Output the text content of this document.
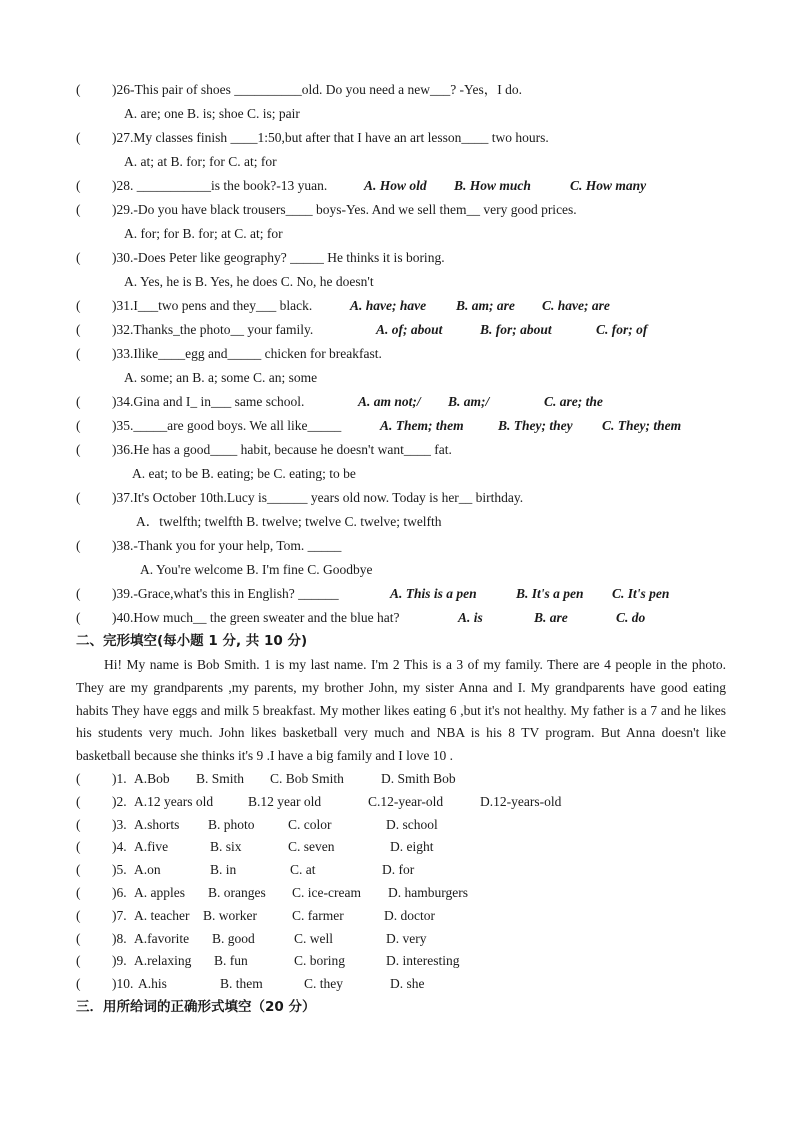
( )26-This pair of shoes __________old. Do you need a new___? -Yes，I do.
A. are; one B. is; shoe C. is; pair
( )27.My classes finish ____1:50,but after that I have an art lesson____ two hours.
A. at; at B. for; for C. at; for
( )28. ___________is the book?-13 yuan.	A. How old B. How much	C. How many
( )29.-Do you have black trousers____ boys-Yes. And we sell them__ very good prices.
A. for; for B. for; at C. at; for
( )30.-Does Peter like geography? _____ He thinks it is boring.
A. Yes, he is B. Yes, he does C. No, he doesn't
( )31.I___two pens and they___ black.	A. have; have B. am; are C. have; are
( )32.Thanks_the photo__ your family.	A. of; about	B. for; about	C. for; of
( )33.Ilike____egg and_____ chicken for breakfast.
A. some; an B. a; some C. an; some
( )34.Gina and I_ in___ same school.	A. am not;/ B. am;/	C. are; the
( )35._____are good boys. We all like_____	A. Them; them	B. They; they C. They; them
( )36.He has a good____ habit, because he doesn't want____ fat.
A. eat; to be B. eating; be C. eating; to be
( )37.It's October 10th.Lucy is______ years old now. Today is her__ birthday.
A．twelfth; twelfth B. twelve; twelve C. twelve; twelfth
( )38.-Thank you for your help, Tom. _____
A. You're welcome B. I'm fine C. Goodbye
( )39.-Grace,what's this in English? ______	A. This is a pen	B. It's a pen C. It's pen
( )40.How much__ the green sweater and the blue hat?	A. is	B. are	C. do
二、完形填空(每小题 1 分, 共 10 分)
Hi! My name is Bob Smith. 1 is my last name. I'm 2 This is a 3 of my family. There are 4 people in the photo. They are my grandparents ,my parents, my brother John, my sister Anna and I. My grandparents have good eating habits They have eggs and milk 5 breakfast. My mother likes eating 6 ,but it's not healthy. My father is a 7 and he likes his students very much. John likes basketball very much and NBA is his 8 TV program. But Anna doesn't like basketball because she thinks it's 9 .I have a big family and I love 10 .
( )1. A.Bob B. Smith C. Bob Smith	D. Smith Bob
( )2. A.12 years old	B.12 year old	C.12-year-old	D.12-years-old
( )3. A.shorts B. photo C. color	D. school
( )4. A.five	B. six	C. seven	D. eight
( )5. A.on	B. in	C. at	D. for
( )6. A. apples B. oranges C. ice-cream D. hamburgers
( )7. A. teacher B. worker	C. farmer	D. doctor
( )8. A.favorite B. good	C. well	D. very
( )9. A.relaxing B. fun	C. boring	D. interesting
( )10. A.his	B. them	C. they	D. she
三．用所给词的正确形式填空（20 分）
